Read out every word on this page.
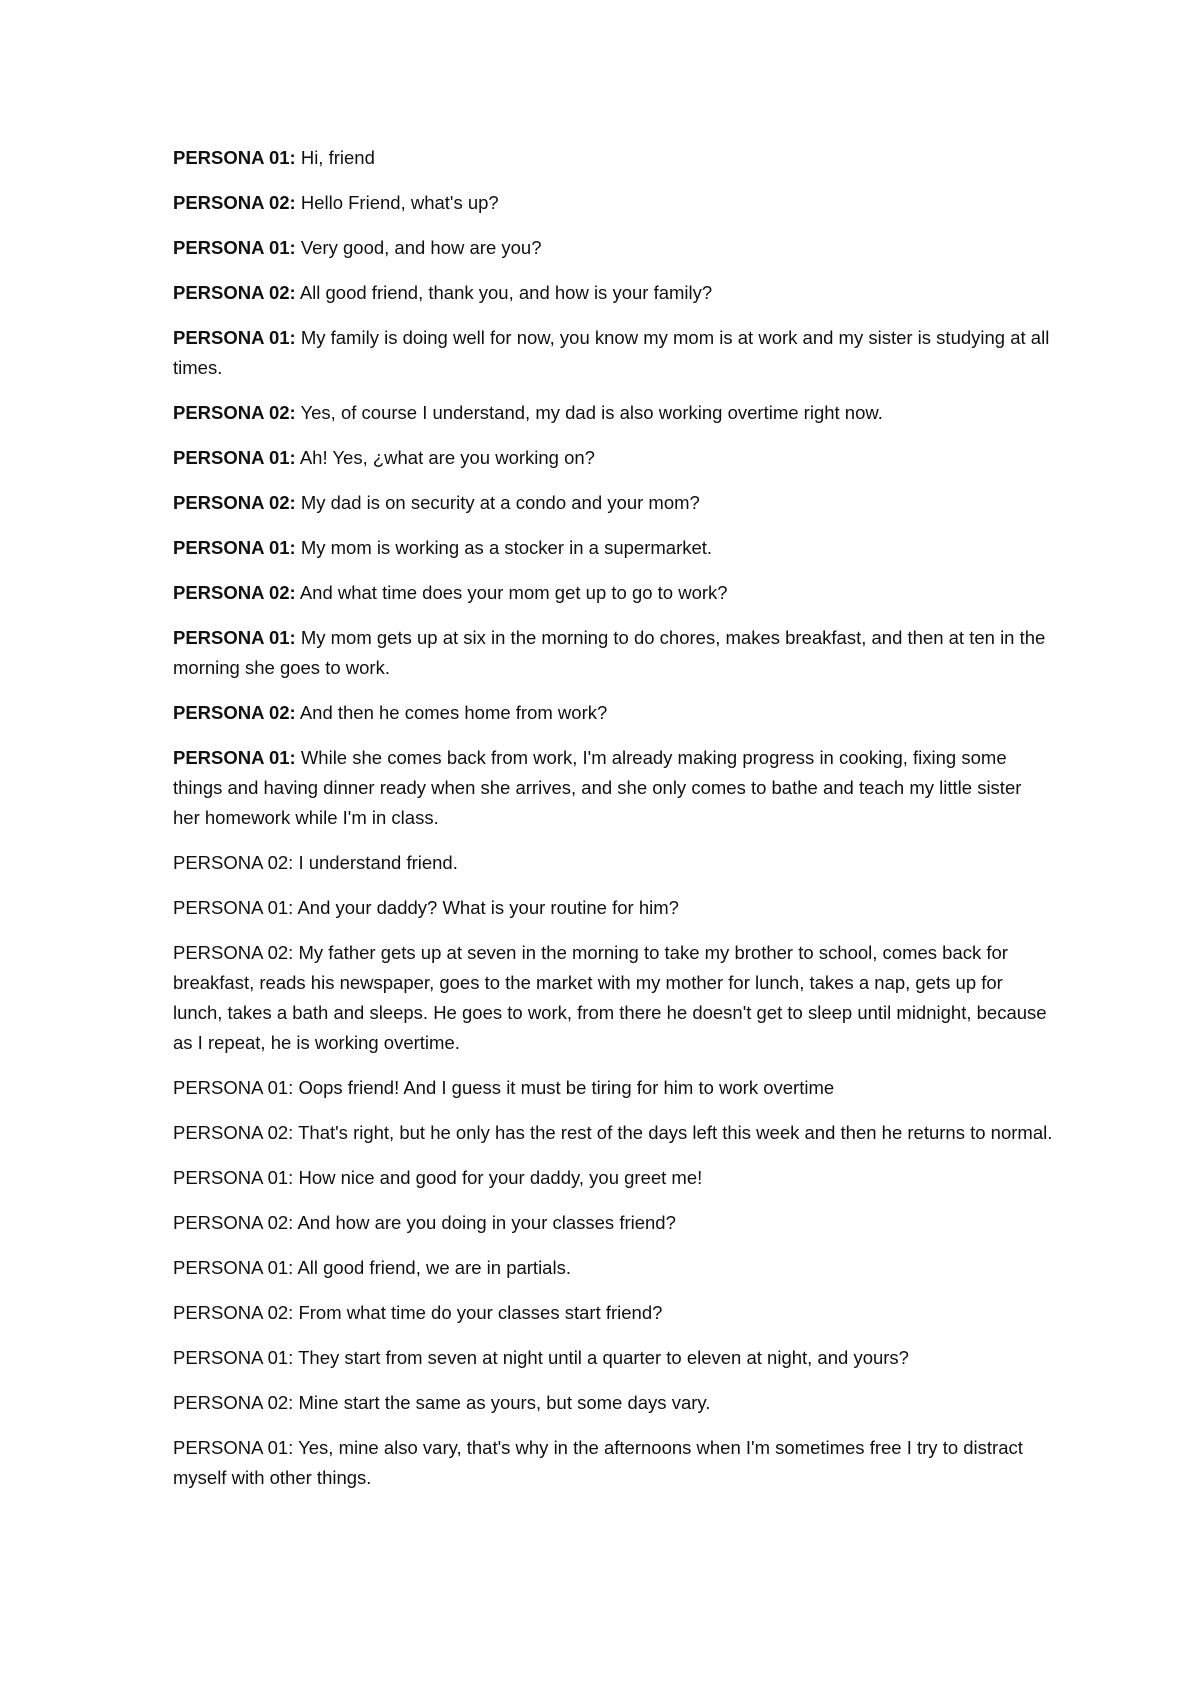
PERSONA 01: Hi, friend

PERSONA 02: Hello Friend, what's up?

PERSONA 01: Very good, and how are you?

PERSONA 02: All good friend, thank you, and how is your family?

PERSONA 01: My family is doing well for now, you know my mom is at work and my sister is studying at all times.

PERSONA 02: Yes, of course I understand, my dad is also working overtime right now.

PERSONA 01: Ah! Yes, ¿what are you working on?

PERSONA 02: My dad is on security at a condo and your mom?

PERSONA 01: My mom is working as a stocker in a supermarket.

PERSONA 02: And what time does your mom get up to go to work?

PERSONA 01: My mom gets up at six in the morning to do chores, makes breakfast, and then at ten in the morning she goes to work.

PERSONA 02: And then he comes home from work?

PERSONA 01: While she comes back from work, I'm already making progress in cooking, fixing some things and having dinner ready when she arrives, and she only comes to bathe and teach my little sister her homework while I'm in class.

PERSONA 02: I understand friend.

PERSONA 01: And your daddy? What is your routine for him?

PERSONA 02: My father gets up at seven in the morning to take my brother to school, comes back for breakfast, reads his newspaper, goes to the market with my mother for lunch, takes a nap, gets up for lunch, takes a bath and sleeps. He goes to work, from there he doesn't get to sleep until midnight, because as I repeat, he is working overtime.

PERSONA 01: Oops friend! And I guess it must be tiring for him to work overtime

PERSONA 02: That's right, but he only has the rest of the days left this week and then he returns to normal.

PERSONA 01: How nice and good for your daddy, you greet me!

PERSONA 02: And how are you doing in your classes friend?

PERSONA 01: All good friend, we are in partials.

PERSONA 02: From what time do your classes start friend?

PERSONA 01: They start from seven at night until a quarter to eleven at night, and yours?

PERSONA 02: Mine start the same as yours, but some days vary.

PERSONA 01: Yes, mine also vary, that's why in the afternoons when I'm sometimes free I try to distract myself with other things.
